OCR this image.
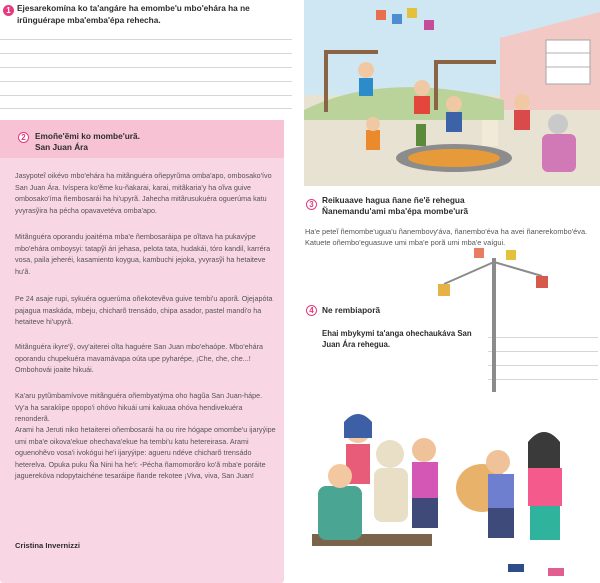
1 Ejesarekomína ko ta'angáre ha emombe'u mbo'ehára ha ne irũnguérape mba'emba'épa rehecha.
2	Emoñe'ẽmi ko mombe'urã.
San Juan Ára

Jasypoteĩ oikévo mbo'ehára ha mitãnguéra oñepyrũma omba'apo, ombosako'ívo San Juan Ára. Ivíspera ko'ẽme ku-ñakarai, karai, mitãkaria'y ha oĩva guive ombosako'íma ñembosarái ha hi'upyrã. Jahecha mitãrusukuéra oguerúma katu yvyrasỹira ha pécha opavavetéva omba'apo.

Mitãnguéra oporandu joaitéma mba'e ñembosaráipa pe oĩtava ha pukavýpe mbo'ehára omboysyi: tatapỹi ári jehasa, pelota tata, hudakái, tóro kandil, karréra vosa, paila jeheréi, kasamiento koygua, kambuchi jejoka, yvyrasỹi ha hetaiteve hu'ã.

Pe 24 asaje rupi, sykuéra oguerúma oñekotevẽva guive tembi'u aporã. Ojejapóta pajagua maskáda, mbeju, chicharõ trensádo, chipa asador, pastel mandi'o ha hetaiteve hi'upyrã.

Mitãnguéra ikyre'ỹ, ovy'aiterei oĩta haguére San Juan mbo'ehaópe. Mbo'ehára oporandu chupekuéra mavamávapa oúta upe pyharépe, ¡Che, che, che...! Ombohovái joaite hikuái.

Ka'aru pytũmbamívove mitãnguéra oñembyatýma oho hagũa San Juan-hápe. Vy'a ha sarakíipe opopo'i ohóvo hikuái umi kakuaa ohóva hendivekuéra renonderã.

Arami ha Jeruti niko hetaiterei oñembosarái ha ou rire hógape omombe'u ijaryýipe umi mba'e oikova'ekue ohechava'ekue ha tembi'u katu hetereirasa. Arami oguenohẽvo vosa'i ivokógui he'i ijaryýipe: agueru ndéve chicharõ trensádo heterelva. Opuka puku Ña Nini ha he'i: -Pécha ñamomorãro ko'ã mba'e poráite jaguerekóva ndopytaichéne tesaráipe ñande rekotee ¡Viva, viva, San Juan!

Cristina Invernizzi
3 Reikuaave hagua ñane ñe'ẽ rehegua
Ñanemandu'ami mba'épa mombe'urã
Ha'e peteĩ ñemombe'ugua'u ñanembovy'áva, ñanembo'éva ha avei ñanerekombo'éva. Katuete oñembo'eguasuve umi mba'e porã umi mba'e vaígui.
4 Ne rembiaporã
Ehai mbykymi ta'anga ohechaukáva San Juan Ára rehegua.
